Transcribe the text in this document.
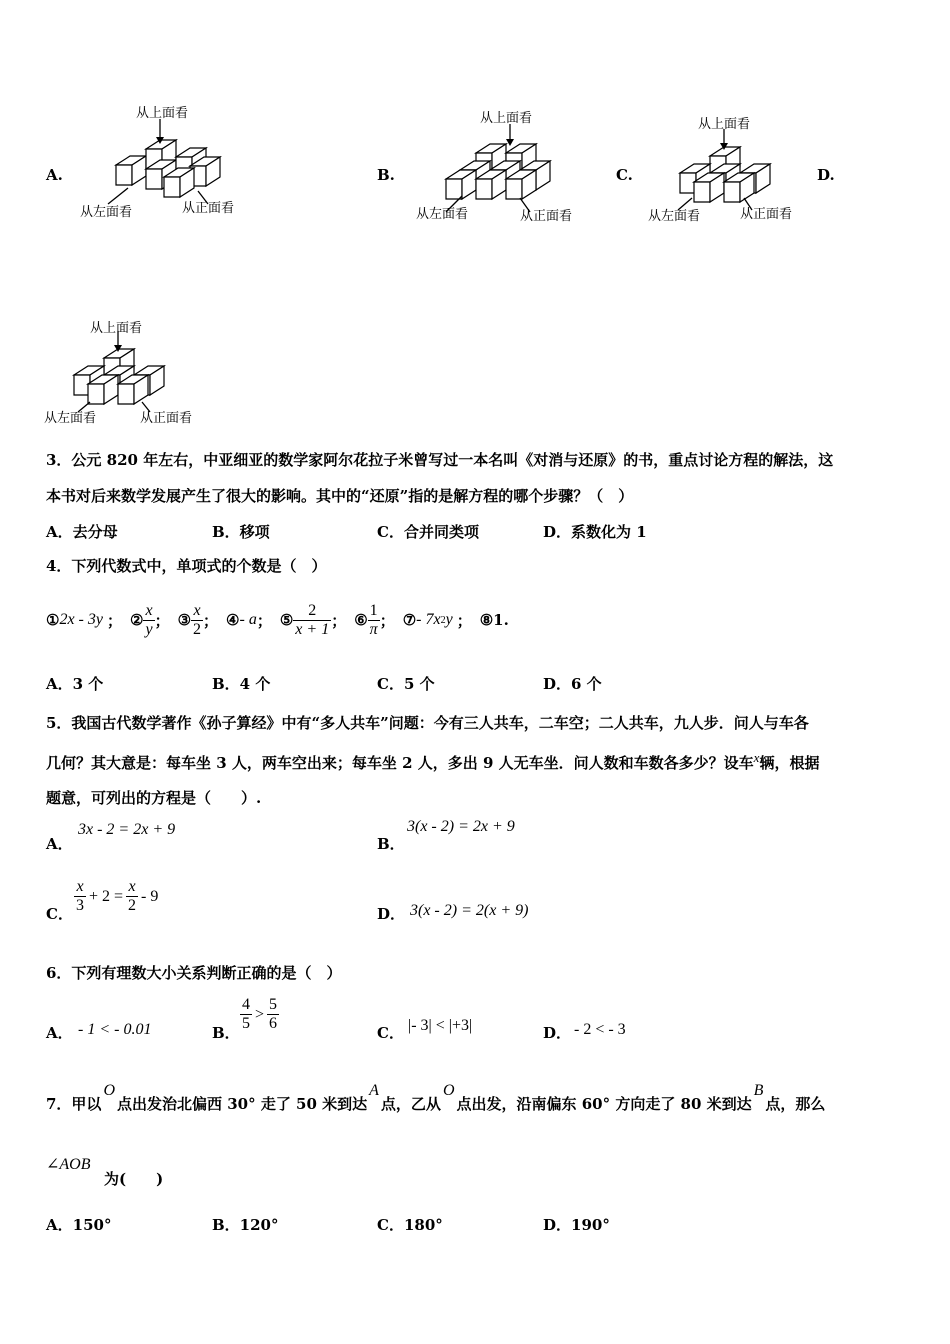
A.
从上面看
从左面看	从正面看
B.
从上面看
从左面看	从正面看
C.
从上面看
从左面看	从正面看
D.
从上面看
从左面看	从正面看
3．公元 820 年左右，中亚细亚的数学家阿尔花拉子米曾写过一本名叫《对消与还原》的书，重点讨论方程的解法，这
本书对后来数学发展产生了很大的影响。其中的“还原”指的是解方程的哪个步骤？（　）
A．去分母	B．移项	C．合并同类项	D．系数化为 1
4．下列代数式中，单项式的个数是（　）
① 2x - 3y ； ② $\frac{x}{y}$ ； ③ $\frac{x}{2}$ ； ④ - a ； ⑤ $\frac{2}{x + 1}$ ； ⑥ $\frac{1}{\pi}$ ； ⑦ - 7x 2 y ； ⑧ 1.
A．3 个	B．4 个	C．5 个	D．6 个
5．我国古代数学著作《孙子算经》中有“多人共车”问题：今有三人共车，二车空；二人共车，九人步．问人与车各
几何？其大意是：每车坐 3 人，两车空出来；每车坐 2 人，多出 9 人无车坐．问人数和车数各多少？设车$^x$辆，根据
题意，可列出的方程是（　　）.
A．
3x - 2 = 2x + 9
B．
3(x - 2) = 2x + 9
C． $\frac{x}{3} + 2 = \frac{x}{2} - 9$
D． 3(x - 2) = 2(x + 9)
6．下列有理数大小关系判断正确的是（　）
A． - 1 < - 0.01	B． $\frac{4}{5} > \frac{5}{6}$	C． |- 3| < |+3|	D． - 2 < - 3
7．甲以
O
点出发治北偏西 30° 走了 50 米到达
A
点，乙从
O
点出发，沿南偏东 60° 方向走了 80 米到达
B
点，那么
∠AOB
为(　　)
A．150°	B．120°	C．180°	D．190°
